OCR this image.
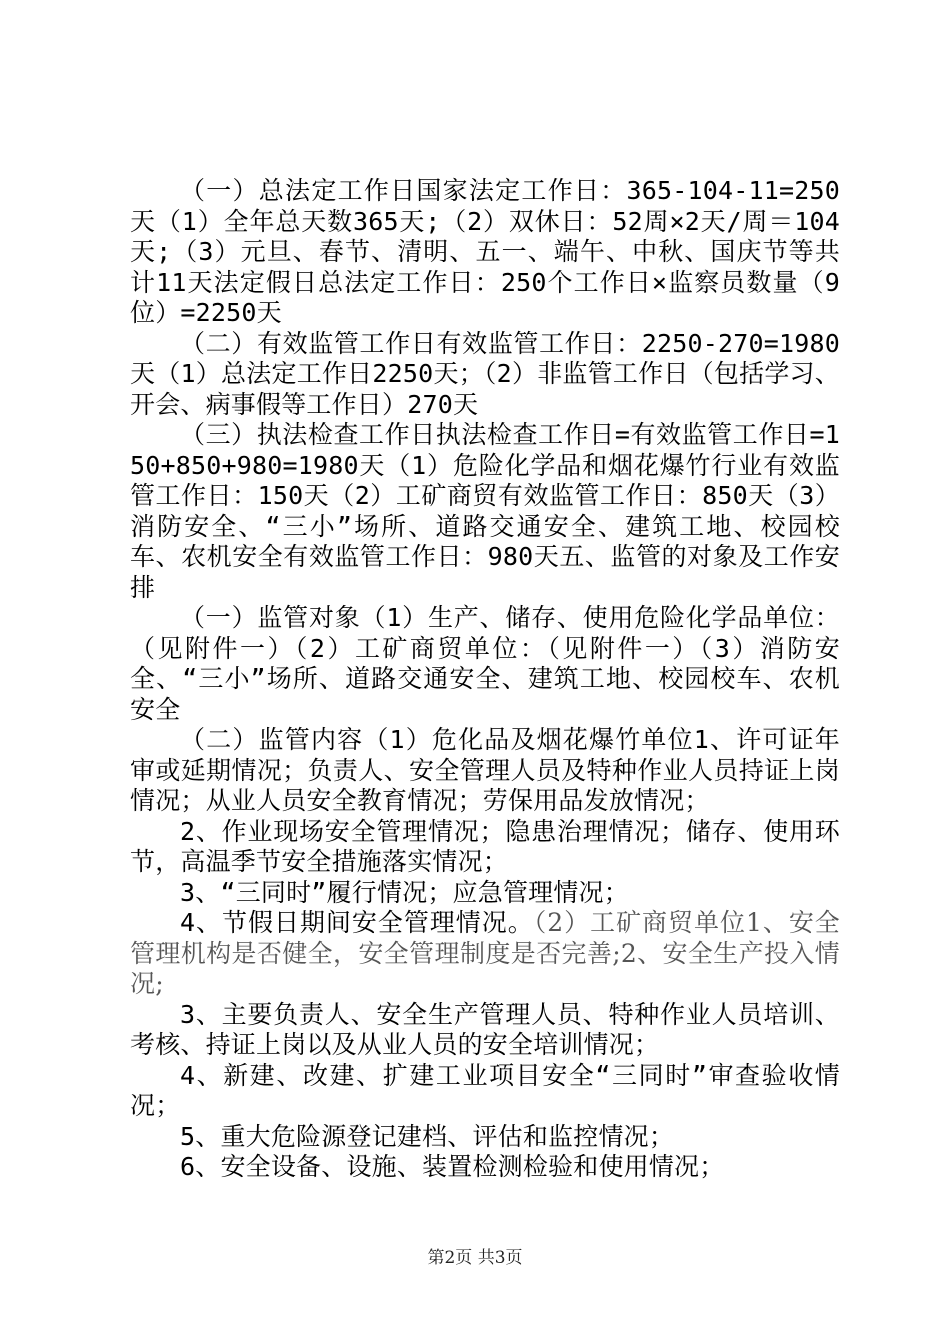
（一）总法定工作日国家法定工作日：365-104-11=250天（1）全年总天数365天;（2）双休日：52周×2天/周＝104天;（3）元旦、春节、清明、五一、端午、中秋、国庆节等共计11天法定假日总法定工作日：250个工作日×监察员数量（9位）=2250天

（二）有效监管工作日有效监管工作日：2250-270=1980天（1）总法定工作日2250天；（2）非监管工作日（包括学习、开会、病事假等工作日）270天

（三）执法检查工作日执法检查工作日=有效监管工作日=150+850+980=1980天（1）危险化学品和烟花爆竹行业有效监管工作日：150天（2）工矿商贸有效监管工作日：850天（3）消防安全、“三小”场所、道路交通安全、建筑工地、校园校车、农机安全有效监管工作日：980天五、监管的对象及工作安排

（一）监管对象（1）生产、储存、使用危险化学品单位：（见附件一）（2）工矿商贸单位：（见附件一）（3）消防安全、“三小”场所、道路交通安全、建筑工地、校园校车、农机安全

（二）监管内容（1）危化品及烟花爆竹单位1、许可证年审或延期情况；负责人、安全管理人员及特种作业人员持证上岗情况；从业人员安全教育情况；劳保用品发放情况；

2、作业现场安全管理情况；隐患治理情况；储存、使用环节，高温季节安全措施落实情况；

3、“三同时”履行情况；应急管理情况；

4、节假日期间安全管理情况。（2）工矿商贸单位1、安全管理机构是否健全，安全管理制度是否完善;2、安全生产投入情况;

3、主要负责人、安全生产管理人员、特种作业人员培训、考核、持证上岗以及从业人员的安全培训情况；

4、新建、改建、扩建工业项目安全“三同时”审查验收情况；

5、重大危险源登记建档、评估和监控情况；

6、安全设备、设施、装置检测检验和使用情况；

第2页 共3页
